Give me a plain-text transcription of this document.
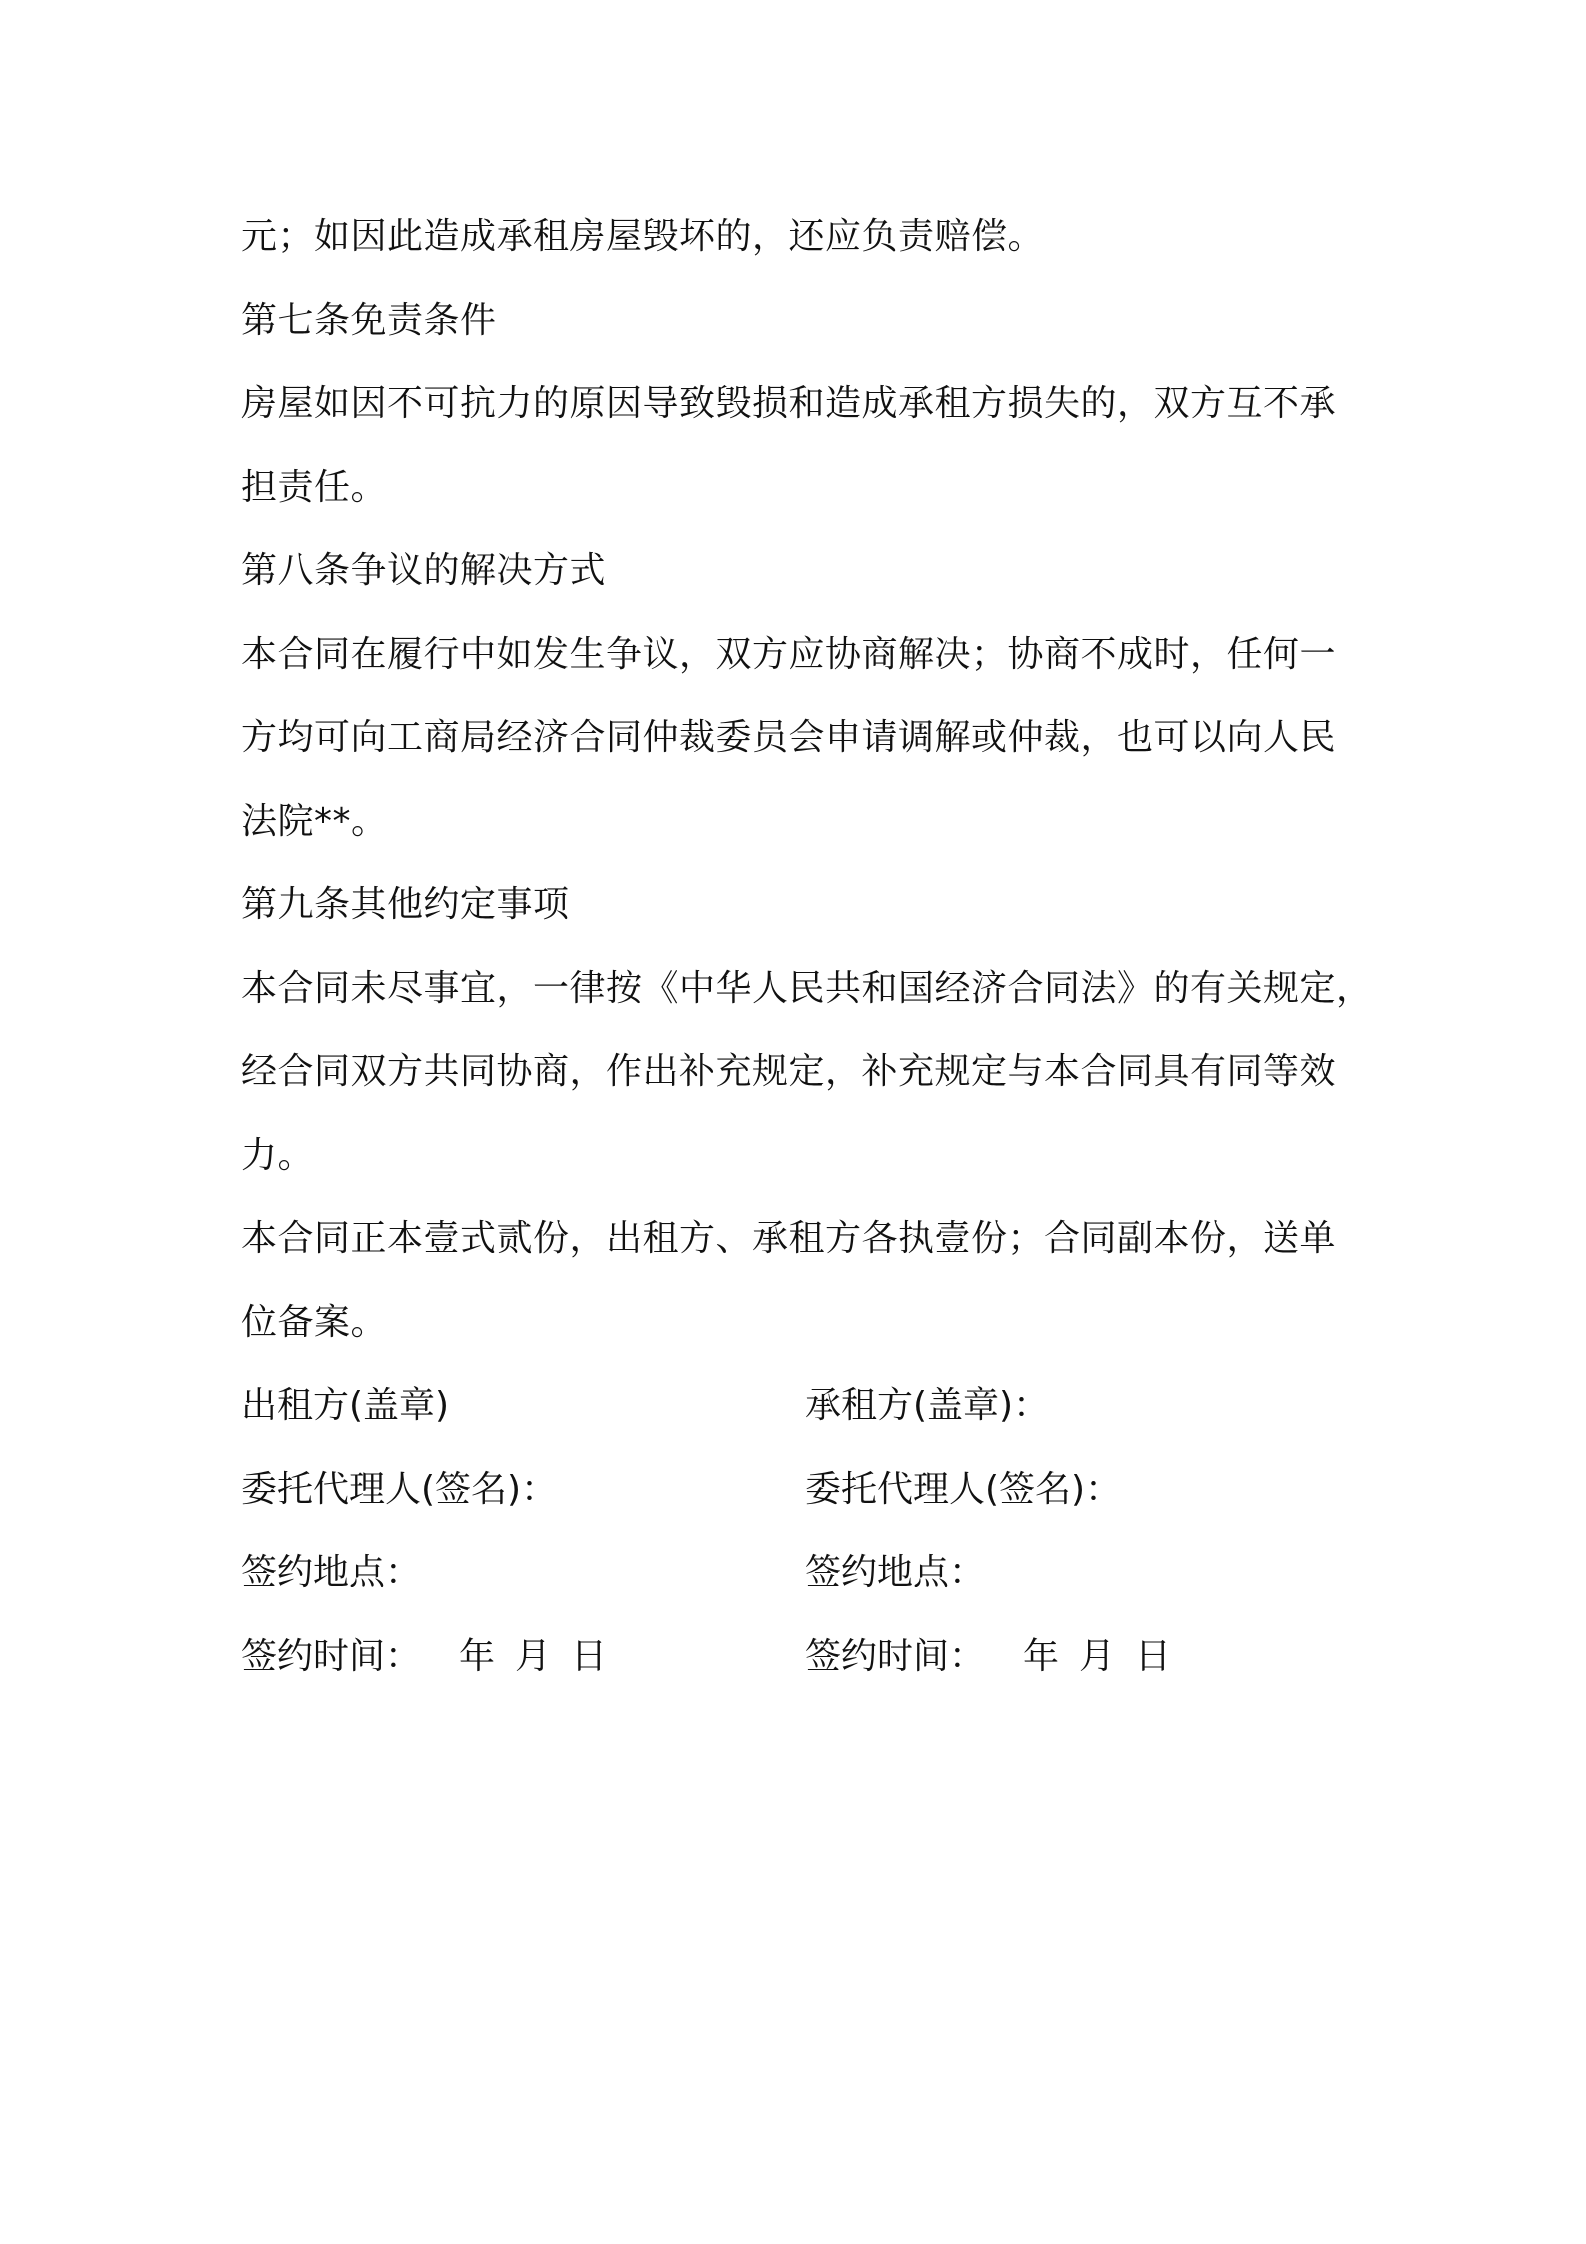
元；如因此造成承租房屋毁坏的，还应负责赔偿。
第七条免责条件
房屋如因不可抗力的原因导致毁损和造成承租方损失的，双方互不承
担责任。
第八条争议的解决方式
本合同在履行中如发生争议，双方应协商解决；协商不成时，任何一
方均可向工商局经济合同仲裁委员会申请调解或仲裁，也可以向人民
法院**。
第九条其他约定事项
本合同未尽事宜，一律按《中华人民共和国经济合同法》的有关规定，
经合同双方共同协商，作出补充规定，补充规定与本合同具有同等效
力。
本合同正本壹式贰份，出租方、承租方各执壹份；合同副本份，送单
位备案。
出租方(盖章)	承租方(盖章)：
委托代理人(签名)：	委托代理人(签名)：
签约地点：	签约地点：
签约时间： 年 月 日	签约时间： 年 月 日
